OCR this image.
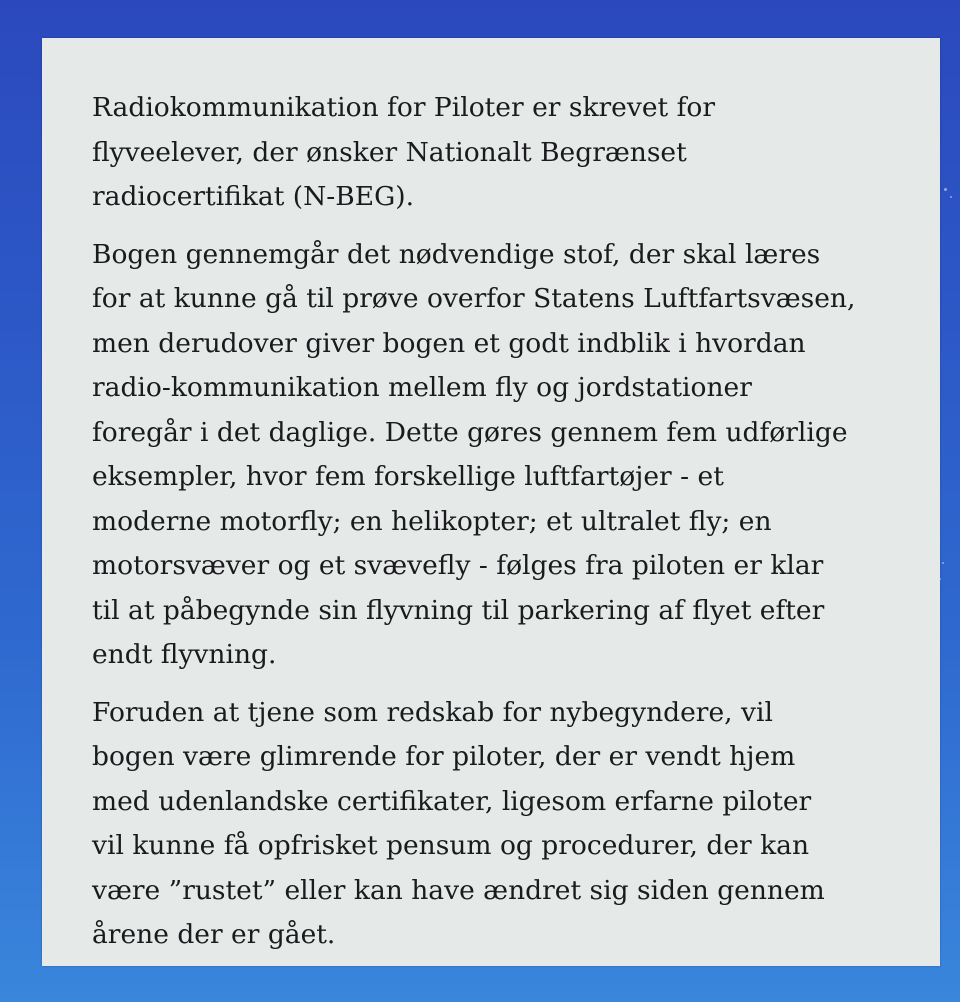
Radiokommunikation for Piloter er skrevet for
flyveelever, der ønsker Nationalt Begrænset
radiocertifikat (N-BEG).
Bogen gennemgår det nødvendige stof, der skal læres
for at kunne gå til prøve overfor Statens Luftfartsvæsen,
men derudover giver bogen et godt indblik i hvordan
radio-kommunikation mellem fly og jordstationer
foregår i det daglige. Dette gøres gennem fem udførlige
eksempler, hvor fem forskellige luftfartøjer - et
moderne motorfly; en helikopter; et ultralet fly; en
motorsvæver og et svævefly - følges fra piloten er klar
til at påbegynde sin flyvning til parkering af flyet efter
endt flyvning.
Foruden at tjene som redskab for nybegyndere, vil
bogen være glimrende for piloter, der er vendt hjem
med udenlandske certifikater, ligesom erfarne piloter
vil kunne få opfrisket pensum og procedurer, der kan
være ”rustet” eller kan have ændret sig siden gennem
årene der er gået.
